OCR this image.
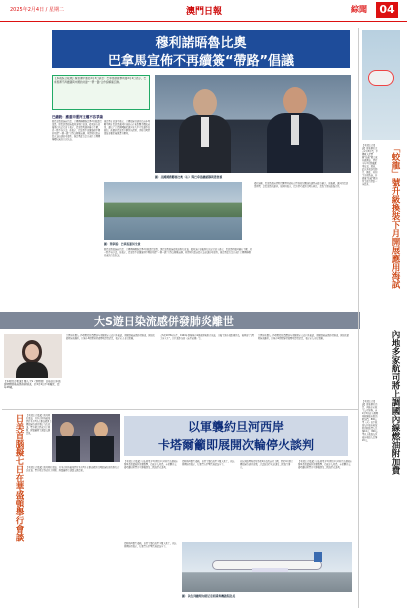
2025年2月4日 / 星期二	澳門日報	綜聞	04
穆利諾晤魯比奧
巴拿馬宣佈不再續簽“帶路”倡議
【本報綜合報道】據香港中通社2月3日消息：巴拿馬總統穆利諾2月2日表示，巴拿馬將不再續簽與中國的共建“一帶一路”合作諒解備忘錄。
圖：美國國務卿魯比奧（右）與巴拿馬總統穆利諾會談
巴總統：應重申運河主權不容爭論
據巴拿馬總統府消息，美國國務卿魯比奧2日抵達巴拿馬，與巴拿馬總統穆利諾舉行會談。穆利諾在會後舉行的記者會上表示，巴拿馬對運河擁有主權，這一點不容爭論。他表示，巴拿馬不會續簽與中國的共建“一帶一路”合作諒解備忘錄，並將研究提前終止該協議的可能性。魯比奧此行是其就任美國國務卿以來的首次出訪。
魯比奧在會談中表示，美國總統特朗普已初步判斷中國在巴拿馬運河區域的存在和影響力構成威脅，違反了美巴兩國關於運河永久中立及運作的條約。他要求巴拿馬立即作出改變，否則美國將採取必要措施維護其權利。
圖：望拿媒：巴拿馬運河全景
據巴拿馬總統府消息，美國國務卿魯比奧2日抵達巴拿馬，與巴拿馬總統穆利諾舉行會談。穆利諾在會後舉行的記者會上表示，巴拿馬對運河擁有主權，這一點不容爭論。他表示，巴拿馬不會續簽與中國的共建“一帶一路”合作諒解備忘錄，並將研究提前終止該協議的可能性。魯比奧此行是其就任美國國務卿以來的首次出訪。
穆利諾稱，巴拿馬政府將對巴爾博亞港和克里斯托瓦爾港的運營商進行審計。他強調，運河由巴拿馬管理，是巴拿馬的運河。他同時表示，巴方將考慮與美國在移民、投資等領域加強合作。
【本報綜合報道】據新華社北京2月3日電，中國載人深潛器“蛟龍”號完成升級換裝，將於今年3月開展應用海試。據悉，此次升級涉及動力、推進、控制等多個系統，升級後“蛟龍”號的作業能力將進一步提升。	「蛟龍」號升級換裝下月開展應用海試
大S遊日染流感併發肺炎離世
【本報綜合報道】藝人大S（徐熙媛）日前赴日本旅遊期間感染流感併發肺炎，於2月2日不幸離世，終年48歲。
台灣知名藝人大S徐熙媛於農曆新年期間與家人赴日本旅遊，期間感染流感併發肺炎，經送院搶救無效離世。其妹小S徐熙娣發表聲明證實消息，表示家人非常悲痛。
大S於1976年出生，1994年與妹妹小S組成姊妹組合出道，其後主演多部影視作品，被譽為“台灣美容大王”。其代表作包括《流星花園》等。
台灣知名藝人大S徐熙媛於農曆新年期間與家人赴日本旅遊，期間感染流感併發肺炎，經送院搶救無效離世。其妹小S徐熙娣發表聲明證實消息，表示家人非常悲痛。	內地多家航司將上調國內線燃油附加費
【本報綜合報道】據新華社消息，內地多家航空公司宣佈，自2月5日起上調國內航線旅客燃油附加費。800公里（含）以下航段每位旅客收取燃油附加費人民幣10元，800公里以上航段每位旅客收取人民幣20元。
日美首腦擬七日在華盛頓舉行會談 【本報綜合報道】據共同社報道，日本首相石破茂將於本月7日在華盛頓與美國總統特朗普舉行首次會談。雙方預計將就日美同盟、經貿關係等議題交換意見。
【本報綜合報道】據共同社報道，日本首相石破茂將於本月7日在華盛頓與美國總統特朗普舉行首次會談。雙方預計將就日美同盟、經貿關係等議題交換意見。
以軍襲約旦河西岸
卡塔爾籲即展開次輪停火談判
【本報綜合報道】以色列軍方3日對約旦河西岸北部城市傑寧及周邊地區發動襲擊，造成多人死傷。卡塔爾外交部呼籲以哈雙方立即展開第二階段停火談判。
巴勒斯坦衞生部稱，以軍空襲造成至少數人死亡。以色列國防軍表示，行動旨在打擊當地武裝分子。
以色列總理內塔尼亞胡2日啟程前往美國，將於4日與美國總統特朗普會面，討論加沙停火協議第二階段等事宜。
【本報綜合報道】以色列軍方3日對約旦河西岸北部城市傑寧及周邊地區發動襲擊，造成多人死傷。卡塔爾外交部呼籲以哈雙方立即展開第二階段停火談判。
圖：以色列總理內塔尼亞胡乘專機啟程赴美
巴勒斯坦衞生部稱，以軍空襲造成至少數人死亡。以色列國防軍表示，行動旨在打擊當地武裝分子。
